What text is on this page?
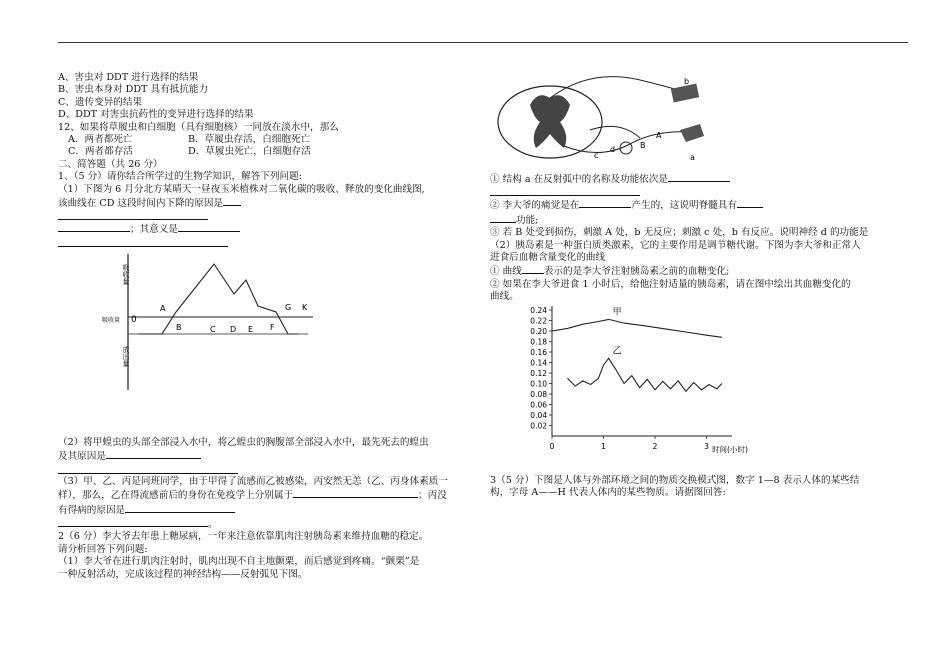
A、害虫对 DDT 进行选择的结果
B、害虫本身对 DDT 具有抵抗能力
C、遗传变异的结果
D、DDT 对害虫抗药性的变异进行选择的结果
12、如果将草履虫和白细胞（具有细胞核）一同放在淡水中，那么
A．两者都死亡	B．草履虫存活，白细胞死亡
C．两者都存活	D．草履虫死亡，白细胞存活
二、简答题（共 26 分）
1、（5 分）请你结合所学过的生物学知识，解答下列问题:
（1）下图为 6 月分北方某晴天一昼夜玉米植株对二氧化碳的吸收、释放的变化曲线图,
该曲线在 CD 这段时间内下降的原因是
；其意义是
吸收量
放出量
吸收量 0
A
B	C D E F
G K
（2）将甲蝗虫的头部全部浸入水中，将乙蝗虫的胸腹部全部浸入水中，最先死去的蝗虫
及其原因是
（3）甲、乙、丙是同班同学，由于甲得了流感而乙被感染，丙安然无恙（乙、丙身体素质一
样），那么，乙在得流感前后的身份在免疫学上分别属于	；丙没
有得病的原因是
。
2（6 分）李大爷去年患上糖尿病，一年来注意依靠肌肉注射胰岛素来维持血糖的稳定。
请分析回答下列问题:
（1）李大爷在进行肌肉注射时，肌肉出现不自主地颤栗，而后感觉到疼痛。“颤栗”是
一种反射活动，完成该过程的神经结构——反射弧见下图。
b
a
c
d
A
B
① 结构 a 在反射弧中的名称及功能依次是
② 李大爷的痛觉是在	产生的，这说明脊髓具有
功能;
③ 若 B 处受到损伤，刺激 A 处，b 无反应；刺激 c 处，b 有反应。说明神经 d 的功能是
（2）胰岛素是一种蛋白质类激素，它的主要作用是调节糖代谢。下图为李大爷和正常人
进食后血糖含量变化的曲线
① 曲线 表示的是李大爷注射胰岛素之前的血糖变化;
② 如果在李大爷进食 1 小时后，给他注射适量的胰岛素，请在图中绘出其血糖变化的
曲线。
0.24
0.22
0.20
0.18
0.16
0.14
0.12
0.10
0.08
0.06
0.04
0.02
0	1	2	3 时间(小时)
甲
乙
3（5 分）下图是人体与外部环境之间的物质交换模式图，数字 1—8 表示人体的某些结
构，字母 A——H 代表人体内的某些物质。请据图回答:
